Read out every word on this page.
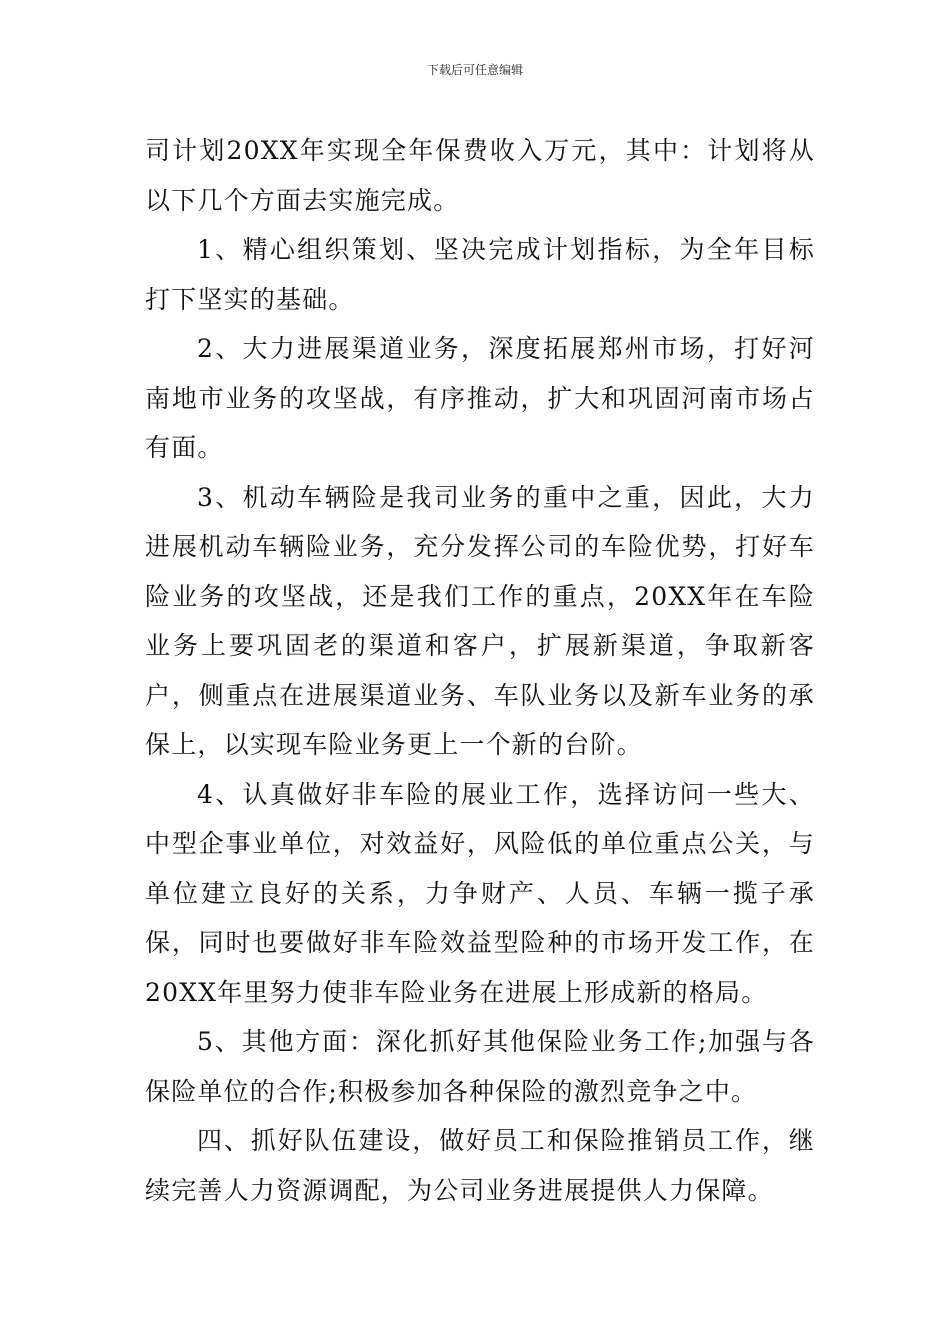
下载后可任意编辑

司计划20XX年实现全年保费收入万元，其中：计划将从以下几个方面去实施完成。

1、精心组织策划、坚决完成计划指标，为全年目标打下坚实的基础。

2、大力进展渠道业务，深度拓展郑州市场，打好河南地市业务的攻坚战，有序推动，扩大和巩固河南市场占有面。

3、机动车辆险是我司业务的重中之重，因此，大力进展机动车辆险业务，充分发挥公司的车险优势，打好车险业务的攻坚战，还是我们工作的重点，20XX年在车险业务上要巩固老的渠道和客户，扩展新渠道，争取新客户，侧重点在进展渠道业务、车队业务以及新车业务的承保上，以实现车险业务更上一个新的台阶。

4、认真做好非车险的展业工作，选择访问一些大、中型企事业单位，对效益好，风险低的单位重点公关，与单位建立良好的关系，力争财产、人员、车辆一揽子承保，同时也要做好非车险效益型险种的市场开发工作，在20XX年里努力使非车险业务在进展上形成新的格局。

5、其他方面：深化抓好其他保险业务工作;加强与各保险单位的合作;积极参加各种保险的激烈竞争之中。

四、抓好队伍建设，做好员工和保险推销员工作，继续完善人力资源调配，为公司业务进展提供人力保障。
